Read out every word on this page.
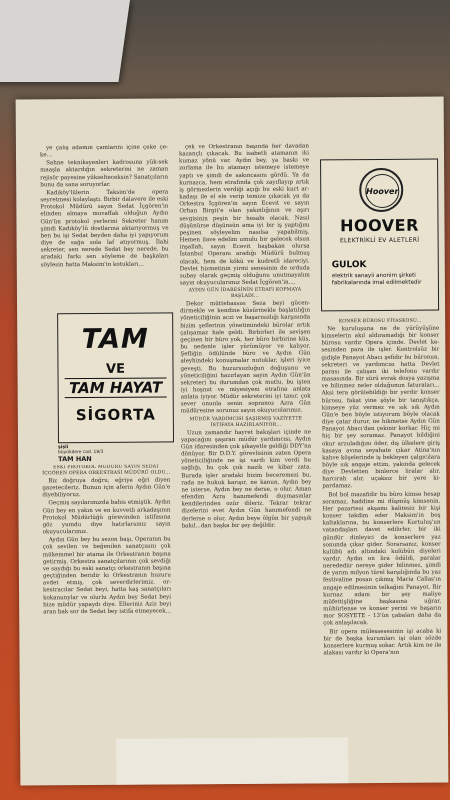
ye çalış adamın çamlarını içine çeke çe-ke...

Sahne tekniksyenleri kadrosuna yük-sek maaşla aktardığın sekreterini ne zaman rejisör payesine yükselteceksin? Sanatçıların bunu da sana soruyorlar.

Kadıköy'lülerin Taksim'de opera seyretmesi kolaylaştı. Birbir dalavere ile eski Protokol Müdürü sayın Sedat İçgören'in elinden almaya muvaffak olduğun Aydın Gün'ün protokol yerlerini Sekreter hanım şimdi Kadıköy'lü dostlarına aktarıyormuş ve ben bu işi Sedat beyden daha iyi yapıyorum diye de sağa sola laf atıyormuş. İlahi sekreter, sen nerede Sedat bey nerede, bu aradaki farkı sen söyleme de başkaları söylesin hatta Maksim'in kotukları...

TAM
VE
TAM HAYAT
SİGORTA
şişli
büyükdere cad. 18/3
TAM HAN

ESKİ PROTOKOL MÜDÜRÜ SAYIN SEDAT İÇGÖREN OPERA ORKESTRASI MÜDÜRÜ OLDU...

Biz doğruya doğru, eğriye eğri diyen gazetecileriz. Bunun için aferin Aydın Gün'e diyebiliyoruz.

Geçmiş sayılarımızda bahis etmiştik. Aydın Gün bey en yakın ve en kuvvetli arkadaşının Protokol Müdürlüğü görevinden istifasına göz yumdu diye hatırlarsınız sayın okuyucularımız.

Aydın Gün bey bu sezon başı, Operanın bu çok sevilen ve beğenilen sanatçısını çok mükemmel bir atama ile Orkestranın başına getirmiş. Orkestra sanatçılarının çok sevdiği ve saydığı bu eski sanatçı orkestranın başına geçtiğinden beridir ki Orkestranın huzuru avdet etmiş, çok severdirlerimiz, orkestracılar Sedat beyi, hatta kaş sanatçıları kokanunylar ve olurlu Aydın bey Sedat beyi bize müdür yapaydı diye. Elleriniz Aziz beyi aran bak sor de Sedat bey istifa etmeyecek...

çek ve Orkestranın başında her davadan kazançlı çıkacak. Bu isabetli atamanın iki kumaz yönü var. Aydın bey, ya baskı ve zorlama ile bu atamayı istemeye istemeye yaptı ve şimdi de sakıncasını gördü. Ya da kurnazca, hem etrafında çok zayıflayıp artık iş görmezlerin verdiği açığı bu eski kurt arkadaşı ile el ele verip temize çıkacak ya da Orkestra İçgören'in sayın Ecevit ve sayın Orhan Birgit'e olan yakınlığının ve aşırı sevgisinin peşin bir hesabı olacak. Nasıl düşünürse düşünsün ama iyi bir iş yaptığını peşinen söyleyelim nasılsa yapabilmiş. Hemen ilave edelim umulu bir gelecek olsun inşallah, sayın Ecevit başbakan olursa İstanbul Operanı aradığı Müdürü bulmuş olacak, hem de kökü ve kudretli idareciyi. Devlet hizmetinin yirmi senesinin de orduda subay olarak geçmiş olduğunu unutmayalım sayın okuyucularımız Sedat İçgören'in....

AYDIN GÜN İDARESİNİN ETRAFI KOPMAYA BAŞLADI...

Dekor müttehassısı Seza beyi gücendirmekle ve kendine küsürmekle başlatılığın yöneticiliğinin aczi ve başarısızlığı karşısında bizim şeflerinin yönetimindeki bürolar artık çalışamaz hale geldi. Birbirleri ile sevişen geçinen bir büro yok, her büro birbirine küs, bu nedenle işler yürümüyor ve kalıyor. Şefliğin ödülünde büro ve Aydın Gün aleyhindeki konuşmalar nutuklar, işleri iyice geveşti. Bu huzursuzluğun doğuşunu ve yöneticiliğini hazırlayan sayın Aydın Gün'ün sekreteri bu durumdan çok mutlu, bu işten iyi hoşnut ve miyesiyeni etrafına anlata anlata iyiyor. Müdür sekreterini iyi tanır, çok sever onunla senin sopranoz Azra Gün müdüresine sorunuz sayın okuyucularımız.

MÜDÜR YARDIMCISI ŞAŞIRMIŞ VAZİYETTE İSTİFAYA HAZIRLANIYOR...

Uzun zamandır hayret bakışları içinde ne yapacağını şaşıran müdür yardımcısı, Aydın Gün idaresinden çok şikayetle geldiği DDY'na dönüyor. Bir D.D.Y. görevlisinin zaten Opera yöneticiliğinde ne işi vardı kim verdi bu sağlığı, bu çok çok nazik ve kibar zata. Burada işler aradaki bizim beceremezi bu, rada ne hukuk karışır, ne kanun, Aydın bey ne isterse, Aydın bey ne derse, o olur. Aman efendim Azra hanımefendi duymasınlar kendilerinden ozür dileriz. Tekrar tekrar dizelerini evet Aydın Gün hanımefendi ne derlerse o olur, Aydın beye ölgün bir yapışık bakıl...dan başka bir şey değildir.

Hoover
HOOVER
ELEKTRİKLİ EV ALETLERİ
GULOK
elektrik sanayii anonim şirketi fabrikalarında imal edilmektedir

KONSER BÜROSU FİYASKOSU...

Ne kuruluşuna ne de yürüyüşüne kimselerin akıl aldıramadığı bir konser bürosu vardır Opera içinde. Devlet kesesinden para ile işler. Kontrolsüz bir gidişle Panayot Abacı şefidir bu büronun, sekreteri ve yardımcısı hatta Devlet parası ile çalışan iki telefonu vardır masasında. Bir sürü evrak dosya yazışma ve bilinmez neler olduğunun faturaları... Aksi tera görülebildiği bir yerdir konser bürosu, fakat yine şöyle bir tanıştıkça, kimseye yüz vermez ve sık sık Aydın Gün'e ben böyle istiyorum böyle olacak diye çatar durur, ne hikmetse Aydın Gün Panayot Abacı'dan çekinir korkar. Hiç mi hiç bir şey soramaz. Panayot bildiğini okur arzuladığını öder, dış ülkelere giriş kasaya avına seyahate çıkar Atina'nın kahve köşelerinde iş bekleyen çalgıcılara böyle sık angaje ettim, yakında gelecek diye Devletten binlerce liralar alır, harcırah alır, uçaksız bir yere kipardamaz.

Bol bol mazafidir bu büro kimse hesap soramaz, haddine mi düşmüş kimsenin. Her pazartesi akşamı kalitesiz bir kişi konser takdim eder Maksim'in boş kaltaklarına, bu konserlere Kurtuluş'un vatandaşları davet edilirler, bir iki gündür dinleyici de konserlere yaz sonunda çıkar gider. Sorarsanız, konser kulübü adı altındaki kulübün diyeleri vardır. Aydın on lira ödüldi, paralar neredediir nereye gider bilinmez, şimdi de yarım milyon türel karşılığında bu yaz festivaline posan çıkmış Maria Callas'ın angaje edilmesinin telkağini Panayot. Bir kurnaz adam bir şey maliye müfettişliğine başkasına uğrar, mühürlense ve konser yerini ve başarın mor SOSYETE - 13'ün çabaları daha da çok anlaşılacak.

Bir opera mülessesesinin işi acaba ki bir de başka kurumları işi olan sözde konserlere kurmuş sokar. Artık kim ne ile alakası vardır ki Opera'nın
